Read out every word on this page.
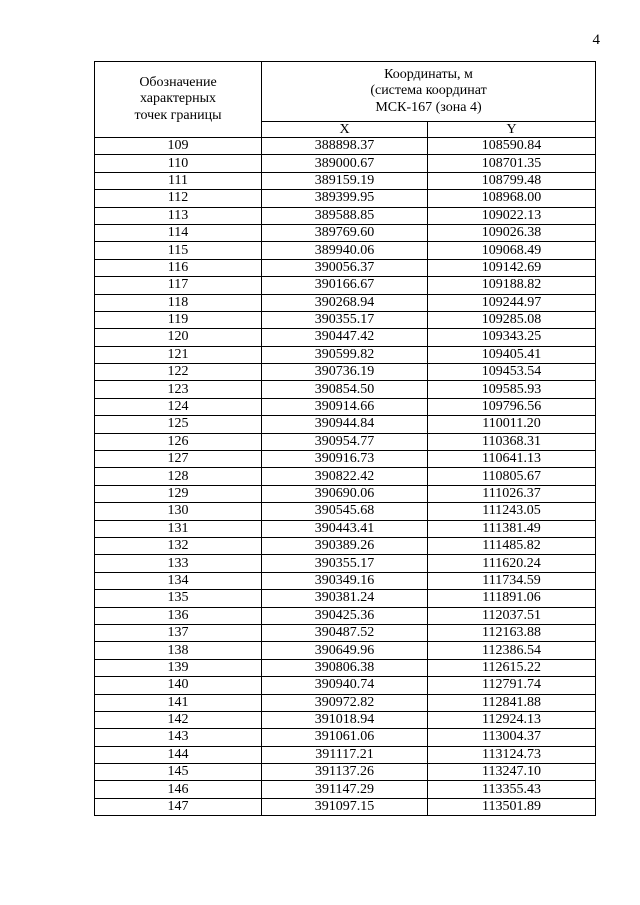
4
Обозначение
характерных
точек границы	Координаты, м
(система координат
МСК-167 (зона 4)	
	X	Y
109	388898.37	108590.84
110	389000.67	108701.35
111	389159.19	108799.48
112	389399.95	108968.00
113	389588.85	109022.13
114	389769.60	109026.38
115	389940.06	109068.49
116	390056.37	109142.69
117	390166.67	109188.82
118	390268.94	109244.97
119	390355.17	109285.08
120	390447.42	109343.25
121	390599.82	109405.41
122	390736.19	109453.54
123	390854.50	109585.93
124	390914.66	109796.56
125	390944.84	110011.20
126	390954.77	110368.31
127	390916.73	110641.13
128	390822.42	110805.67
129	390690.06	111026.37
130	390545.68	111243.05
131	390443.41	111381.49
132	390389.26	111485.82
133	390355.17	111620.24
134	390349.16	111734.59
135	390381.24	111891.06
136	390425.36	112037.51
137	390487.52	112163.88
138	390649.96	112386.54
139	390806.38	112615.22
140	390940.74	112791.74
141	390972.82	112841.88
142	391018.94	112924.13
143	391061.06	113004.37
144	391117.21	113124.73
145	391137.26	113247.10
146	391147.29	113355.43
147	391097.15	113501.89
